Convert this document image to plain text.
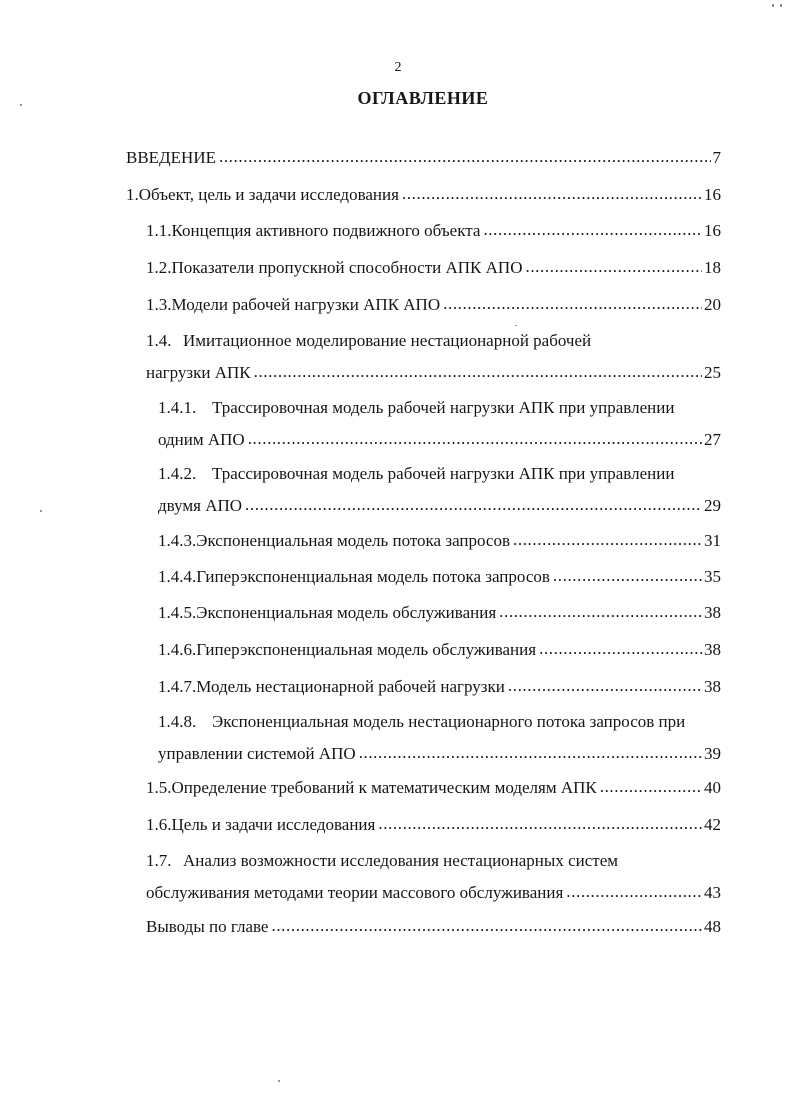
2
ОГЛАВЛЕНИЕ
ВВЕДЕНИЕ .....	7
1. Объект, цель и задачи исследования .....	16
1.1. Концепция активного подвижного объекта .....	16
1.2. Показатели пропускной способности АПК АПО .....	18
1.3. Модели рабочей нагрузки АПК АПО .....	20
1.4. Имитационное моделирование нестационарной рабочей
нагрузки АПК .....	25
1.4.1. Трассировочная модель рабочей нагрузки АПК при управлении
одним АПО .....	27
1.4.2. Трассировочная модель рабочей нагрузки АПК при управлении
двумя АПО .....	29
1.4.3. Экспоненциальная модель потока запросов .....	31
1.4.4. Гиперэкспоненциальная модель потока запросов .....	35
1.4.5. Экспоненциальная модель обслуживания .....	38
1.4.6. Гиперэкспоненциальная модель обслуживания .....	38
1.4.7. Модель нестационарной рабочей нагрузки .....	38
1.4.8. Экспоненциальная модель нестационарного потока запросов при
управлении системой АПО .....	39
1.5. Определение требований к математическим моделям АПК .....	40
1.6. Цель и задачи исследования .....	42
1.7. Анализ возможности исследования нестационарных систем
обслуживания методами теории массового обслуживания .....	43
Выводы по главе .....	48
